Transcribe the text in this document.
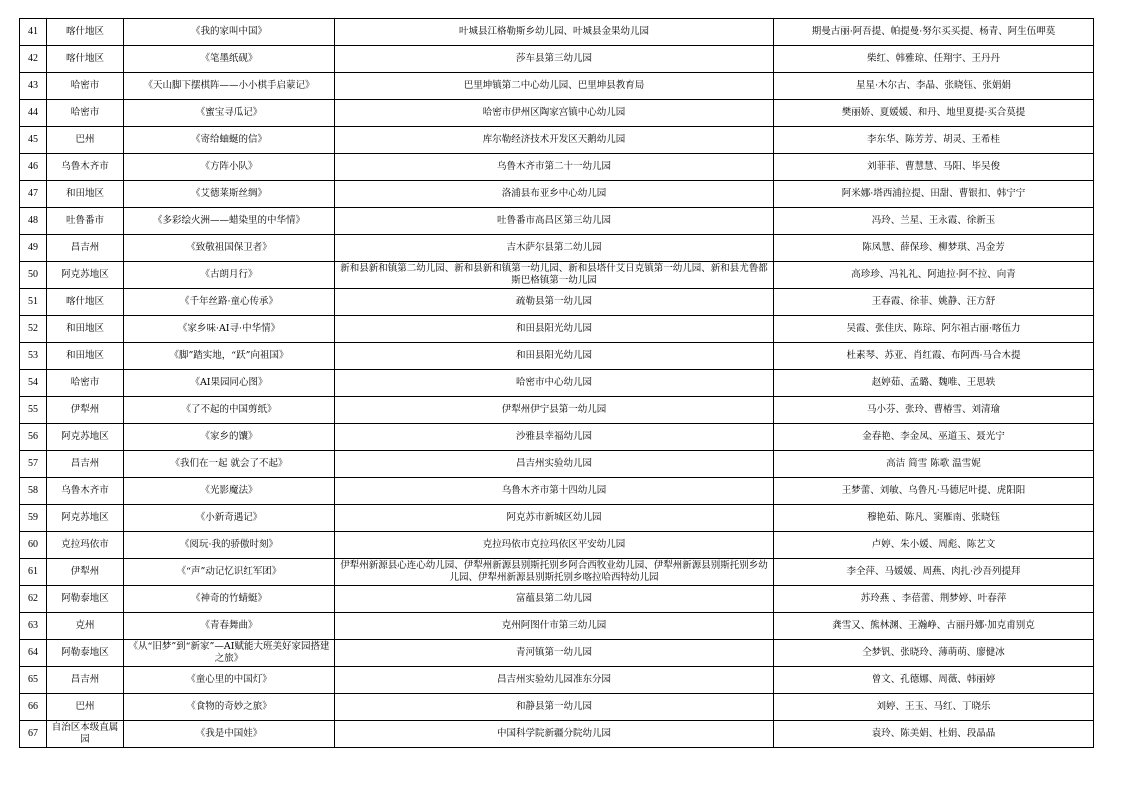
41	喀什地区	《我的家叫中国》	叶城县江格勒斯乡幼儿园、叶城县金果幼儿园	期曼古丽·阿吾提、帕提曼·努尔买买提、杨青、阿生伍呷莫
42	喀什地区	《笔墨纸砚》	莎车县第三幼儿园	柴红、韩雅琼、任翔宇、王丹丹
43	哈密市	《天山脚下摆棋阵——小小棋手启蒙记》	巴里坤镇第二中心幼儿园、巴里坤县教育局	星星·木尔古、李晶、张晓钰、张娟娟
44	哈密市	《蜜宝寻瓜记》	哈密市伊州区陶家宫镇中心幼儿园	樊丽娇、夏媛媛、和丹、地里夏提·买合莫提
45	巴州	《寄给蚰蜒的信》	库尔勒经济技术开发区天鹅幼儿园	李东华、陈芳芳、胡灵、王希桂
46	乌鲁木齐市	《方阵小队》	乌鲁木齐市第二十一幼儿园	刘菲菲、曹慧慧、马阳、毕吴俊
47	和田地区	《艾德莱斯丝绸》	洛浦县布亚乡中心幼儿园	阿米娜·塔西浦拉提、田甜、曹银扣、韩宁宁
48	吐鲁番市	《多彩绘火洲——蜡染里的中华情》	吐鲁番市高昌区第三幼儿园	冯玲、兰星、王永霞、徐新玉
49	昌吉州	《致敬祖国保卫者》	吉木萨尔县第二幼儿园	陈凤慧、薛保珍、柳梦琪、冯金芳
50	阿克苏地区	《古朗月行》	新和县新和镇第二幼儿园、新和县新和镇第一幼儿园、新和县塔什艾日克镇第一幼儿园、新和县尤鲁都斯巴格镇第一幼儿园	高珍珍、冯礼礼、阿迪拉·阿不拉、向青
51	喀什地区	《千年丝路·童心传承》	疏勒县第一幼儿园	王春霞、徐菲、姚静、汪方舒
52	和田地区	《家乡味·AI寻·中华情》	和田县阳光幼儿园	吴霞、张佳庆、陈琮、阿尔祖古丽·喀伍力
53	和田地区	《脚”踏实地，“跃”向祖国》	和田县阳光幼儿园	杜素琴、苏亚、肖红霞、布阿西·马合木提
54	哈密市	《AI果园同心图》	哈密市中心幼儿园	赵婷茹、孟璐、魏唯、王思轶
55	伊犁州	《了不起的中国剪纸》	伊犁州伊宁县第一幼儿园	马小芬、张玲、曹椿雪、刘清瑜
56	阿克苏地区	《家乡的馕》	沙雅县幸福幼儿园	金春艳、李金凤、巫道玉、聂光宁
57	昌吉州	《我们在一起 就会了不起》	昌吉州实验幼儿园	高洁 简雪 陈歌 温雪妮
58	乌鲁木齐市	《光影魔法》	乌鲁木齐市第十四幼儿园	王梦蕾、刘敏、乌鲁凡·马德尼叶提、虎阳阳
59	阿克苏地区	《小新奇遇记》	阿克苏市新城区幼儿园	穆艳茹、陈凡、窦雁南、张晓钰
60	克拉玛依市	《阅玩·我的骄傲时刻》	克拉玛依市克拉玛依区平安幼儿园	卢婷、朱小媛、周彪、陈艺文
61	伊犁州	《“声”动记忆识红军团》	伊犁州新源县心连心幼儿园、伊犁州新源县别斯托别乡阿合西牧业幼儿园、伊犁州新源县别斯托别乡幼儿园、伊犁州新源县别斯托别乡喀拉哈西特幼儿园	李全萍、马媛媛、周燕、肉扎·沙吾列提拜
62	阿勒泰地区	《神奇的竹蜻蜓》	富蕴县第二幼儿园	苏玲燕 、李蓓蕾、荆梦婷、叶春萍
63	克州	《青春舞曲》	克州阿图什市第三幼儿园	龚雪又、熊林渊、王瀚峥、古丽丹娜·加克甫别克
64	阿勒泰地区	《从“旧梦”到“新家”—AI赋能大班美好家园搭建之旅》	青河镇第一幼儿园	仝梦钒、张晓玲、薄萌萌、廖健冰
65	昌吉州	《童心里的中国灯》	昌吉州实验幼儿园准东分园	曾文、孔德娜、周薇、韩丽婷
66	巴州	《食物的奇妙之旅》	和静县第一幼儿园	刘婷、王玉、马红、丁晓乐
67	自治区本级直属园	《我是中国娃》	中国科学院新疆分院幼儿园	袁玲、陈美娟、杜娟、段晶晶
